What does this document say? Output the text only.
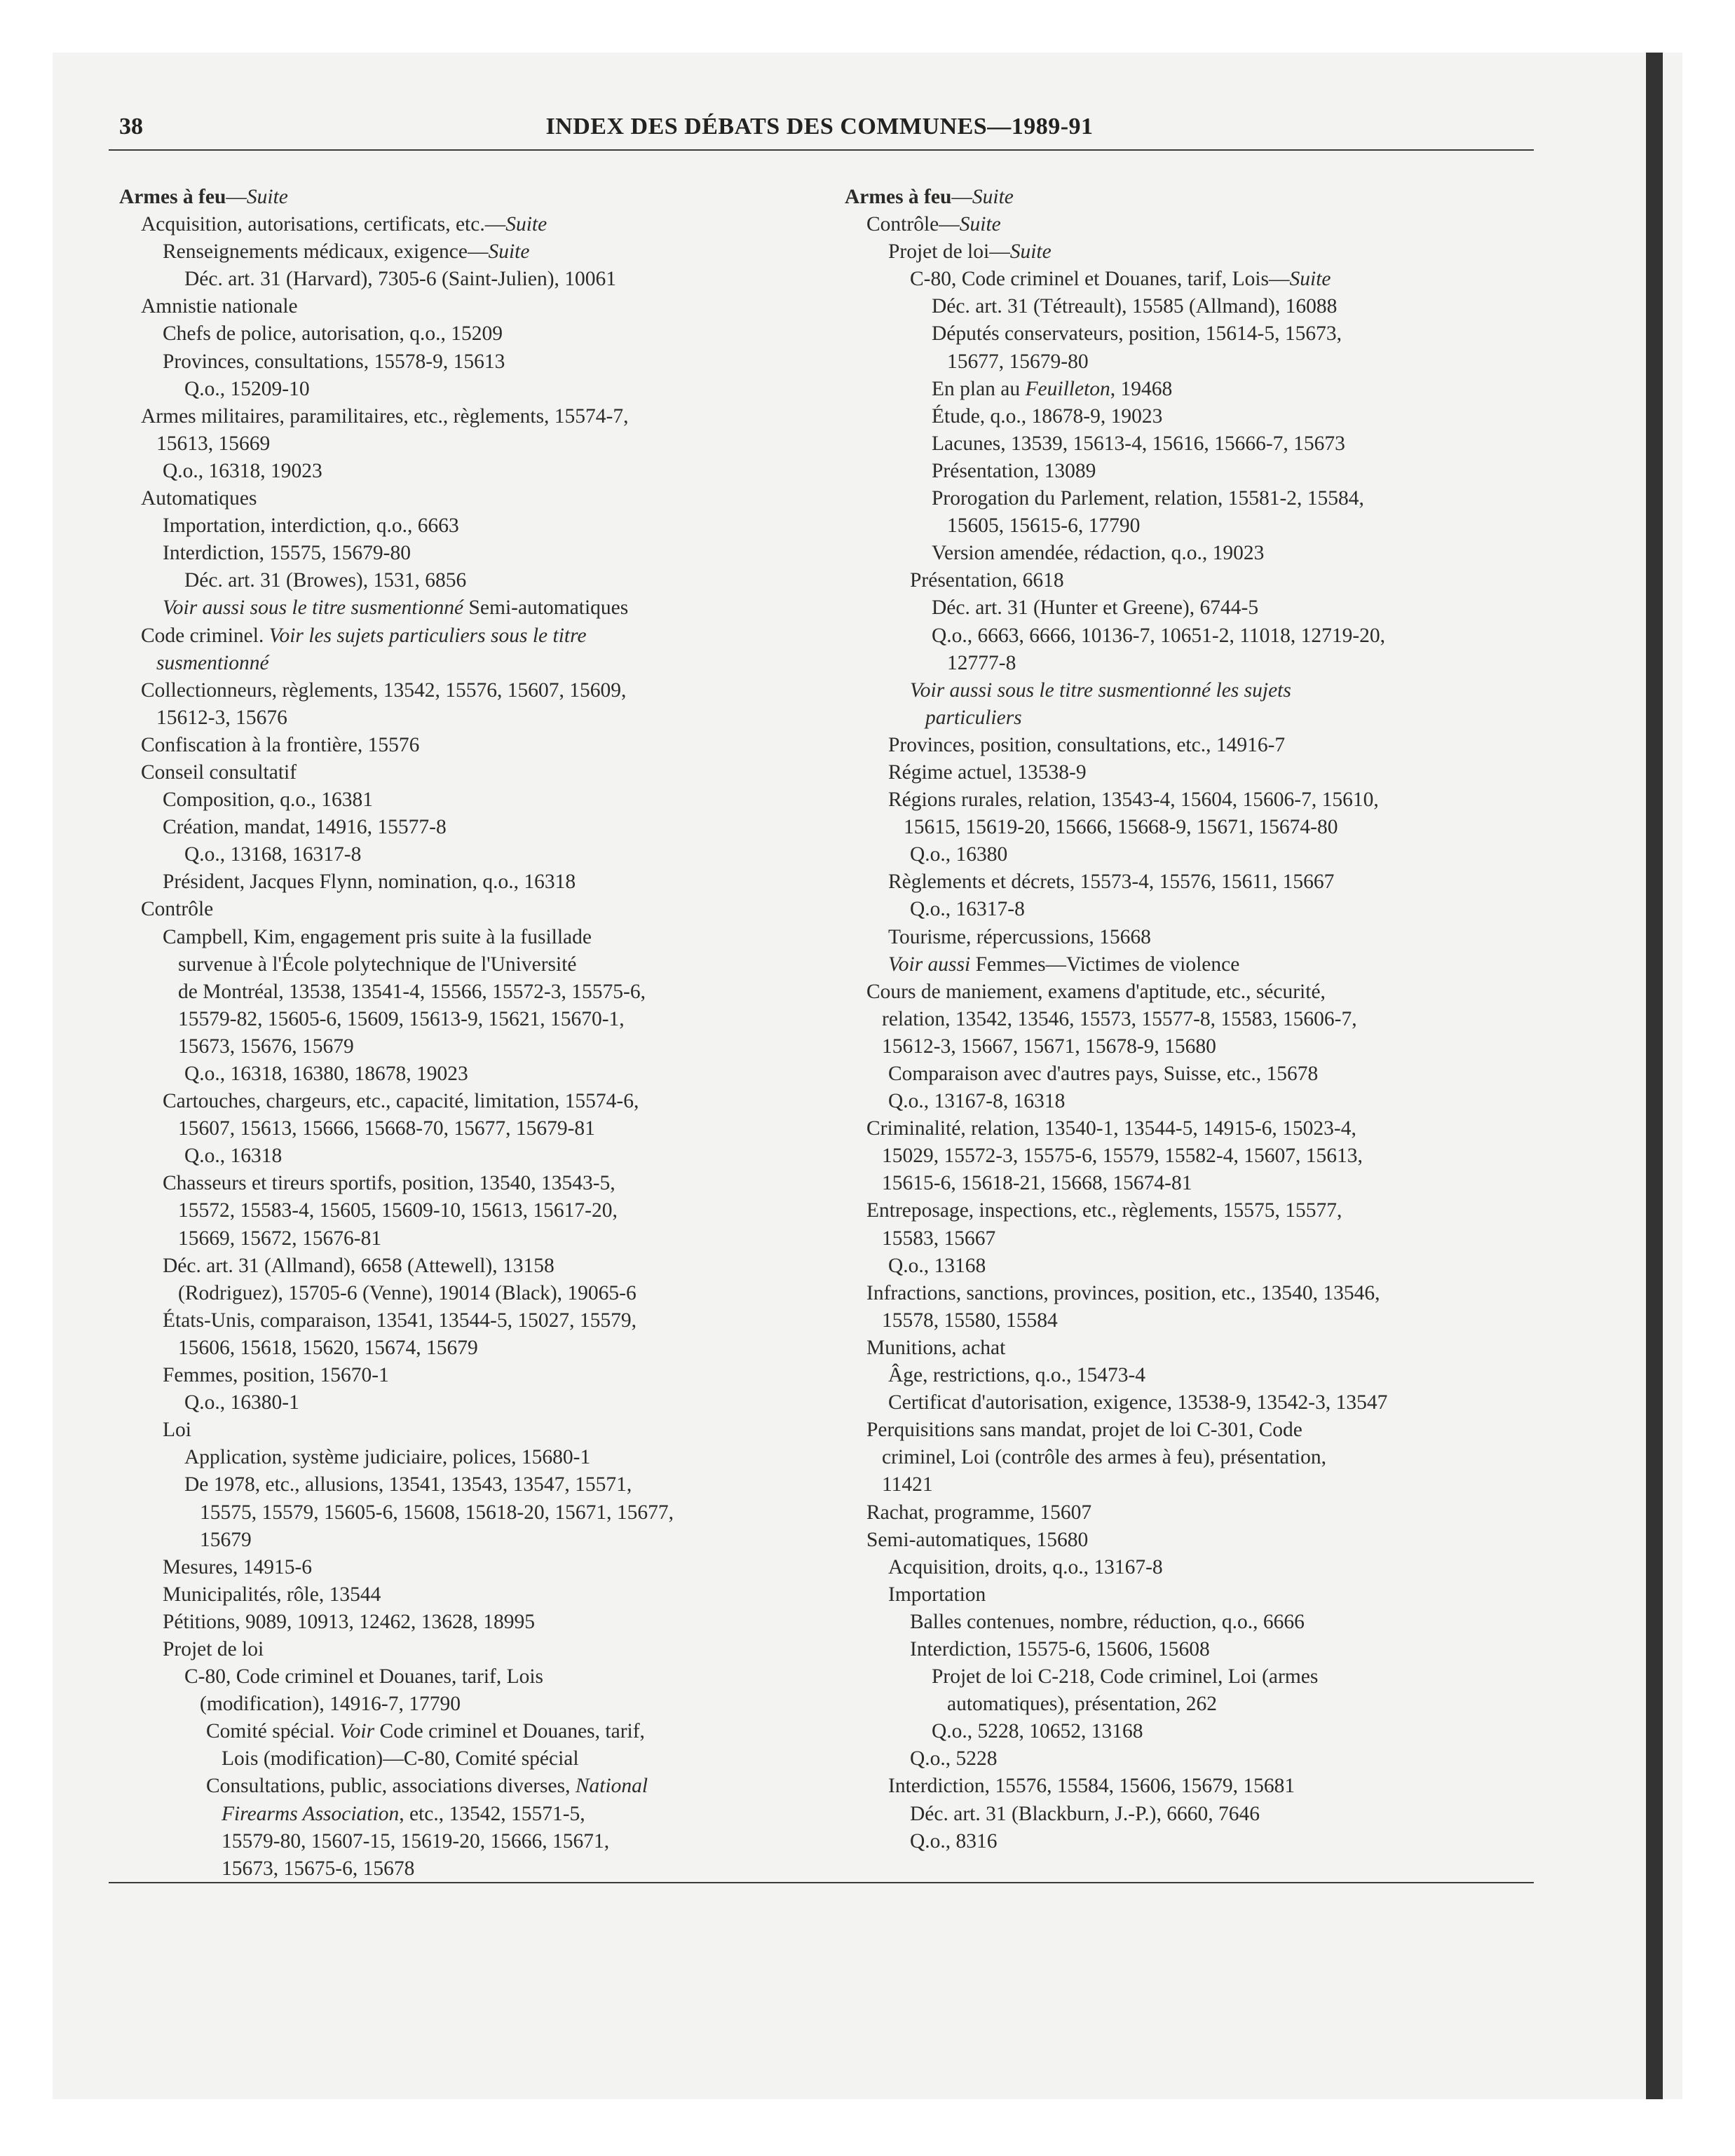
38	INDEX DES DÉBATS DES COMMUNES—1989-91
Armes à feu—Suite
Acquisition, autorisations, certificats, etc.—Suite
Renseignements médicaux, exigence—Suite
Déc. art. 31 (Harvard), 7305-6 (Saint-Julien), 10061
Amnistie nationale
Chefs de police, autorisation, q.o., 15209
Provinces, consultations, 15578-9, 15613
Q.o., 15209-10
Armes militaires, paramilitaires, etc., règlements, 15574-7,
15613, 15669
Q.o., 16318, 19023
Automatiques
Importation, interdiction, q.o., 6663
Interdiction, 15575, 15679-80
Déc. art. 31 (Browes), 1531, 6856
Voir aussi sous le titre susmentionné Semi-automatiques
Code criminel. Voir les sujets particuliers sous le titre
susmentionné
Collectionneurs, règlements, 13542, 15576, 15607, 15609,
15612-3, 15676
Confiscation à la frontière, 15576
Conseil consultatif
Composition, q.o., 16381
Création, mandat, 14916, 15577-8
Q.o., 13168, 16317-8
Président, Jacques Flynn, nomination, q.o., 16318
Contrôle
Campbell, Kim, engagement pris suite à la fusillade
survenue à l'École polytechnique de l'Université
de Montréal, 13538, 13541-4, 15566, 15572-3, 15575-6,
15579-82, 15605-6, 15609, 15613-9, 15621, 15670-1,
15673, 15676, 15679
Q.o., 16318, 16380, 18678, 19023
Cartouches, chargeurs, etc., capacité, limitation, 15574-6,
15607, 15613, 15666, 15668-70, 15677, 15679-81
Q.o., 16318
Chasseurs et tireurs sportifs, position, 13540, 13543-5,
15572, 15583-4, 15605, 15609-10, 15613, 15617-20,
15669, 15672, 15676-81
Déc. art. 31 (Allmand), 6658 (Attewell), 13158
(Rodriguez), 15705-6 (Venne), 19014 (Black), 19065-6
États-Unis, comparaison, 13541, 13544-5, 15027, 15579,
15606, 15618, 15620, 15674, 15679
Femmes, position, 15670-1
Q.o., 16380-1
Loi
Application, système judiciaire, polices, 15680-1
De 1978, etc., allusions, 13541, 13543, 13547, 15571,
15575, 15579, 15605-6, 15608, 15618-20, 15671, 15677,
15679
Mesures, 14915-6
Municipalités, rôle, 13544
Pétitions, 9089, 10913, 12462, 13628, 18995
Projet de loi
C-80, Code criminel et Douanes, tarif, Lois
(modification), 14916-7, 17790
Comité spécial. Voir Code criminel et Douanes, tarif,
Lois (modification)—C-80, Comité spécial
Consultations, public, associations diverses, National
Firearms Association, etc., 13542, 15571-5,
15579-80, 15607-15, 15619-20, 15666, 15671,
15673, 15675-6, 15678
Armes à feu—Suite
Contrôle—Suite
Projet de loi—Suite
C-80, Code criminel et Douanes, tarif, Lois—Suite
Déc. art. 31 (Tétreault), 15585 (Allmand), 16088
Députés conservateurs, position, 15614-5, 15673,
15677, 15679-80
En plan au Feuilleton, 19468
Étude, q.o., 18678-9, 19023
Lacunes, 13539, 15613-4, 15616, 15666-7, 15673
Présentation, 13089
Prorogation du Parlement, relation, 15581-2, 15584,
15605, 15615-6, 17790
Version amendée, rédaction, q.o., 19023
Présentation, 6618
Déc. art. 31 (Hunter et Greene), 6744-5
Q.o., 6663, 6666, 10136-7, 10651-2, 11018, 12719-20,
12777-8
Voir aussi sous le titre susmentionné les sujets
particuliers
Provinces, position, consultations, etc., 14916-7
Régime actuel, 13538-9
Régions rurales, relation, 13543-4, 15604, 15606-7, 15610,
15615, 15619-20, 15666, 15668-9, 15671, 15674-80
Q.o., 16380
Règlements et décrets, 15573-4, 15576, 15611, 15667
Q.o., 16317-8
Tourisme, répercussions, 15668
Voir aussi Femmes—Victimes de violence
Cours de maniement, examens d'aptitude, etc., sécurité,
relation, 13542, 13546, 15573, 15577-8, 15583, 15606-7,
15612-3, 15667, 15671, 15678-9, 15680
Comparaison avec d'autres pays, Suisse, etc., 15678
Q.o., 13167-8, 16318
Criminalité, relation, 13540-1, 13544-5, 14915-6, 15023-4,
15029, 15572-3, 15575-6, 15579, 15582-4, 15607, 15613,
15615-6, 15618-21, 15668, 15674-81
Entreposage, inspections, etc., règlements, 15575, 15577,
15583, 15667
Q.o., 13168
Infractions, sanctions, provinces, position, etc., 13540, 13546,
15578, 15580, 15584
Munitions, achat
Âge, restrictions, q.o., 15473-4
Certificat d'autorisation, exigence, 13538-9, 13542-3, 13547
Perquisitions sans mandat, projet de loi C-301, Code
criminel, Loi (contrôle des armes à feu), présentation,
11421
Rachat, programme, 15607
Semi-automatiques, 15680
Acquisition, droits, q.o., 13167-8
Importation
Balles contenues, nombre, réduction, q.o., 6666
Interdiction, 15575-6, 15606, 15608
Projet de loi C-218, Code criminel, Loi (armes
automatiques), présentation, 262
Q.o., 5228, 10652, 13168
Q.o., 5228
Interdiction, 15576, 15584, 15606, 15679, 15681
Déc. art. 31 (Blackburn, J.-P.), 6660, 7646
Q.o., 8316
